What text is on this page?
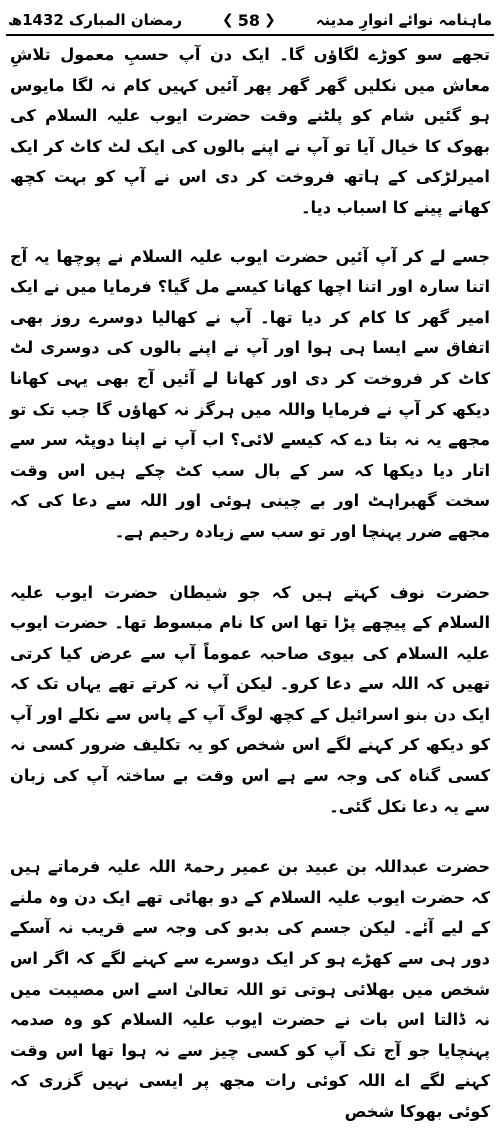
ماہنامہ نوائے انوارِ مدینہ
❮
58
❯
رمضان المبارک 1432ھ

تجھے سو کوڑے لگاؤں گا۔ ایک دن آپ حسبِ معمول تلاشِ معاش میں نکلیں گھر گھر پھر آئیں کہیں کام نہ لگا مایوس ہو گئیں شام کو پلٹنے وقت حضرت ایوب علیہ السلام کی بھوک کا خیال آیا تو آپ نے اپنے بالوں کی ایک لٹ کاٹ کر ایک امیرلڑکی کے ہاتھ فروخت کر دی اس نے آپ کو بہت کچھ کھانے پینے کا اسباب دیا۔

جسے لے کر آپ آئیں حضرت ایوب علیہ السلام نے پوچھا یہ آج اتنا سارہ اور اتنا اچھا کھانا کیسے مل گیا؟ فرمایا میں نے ایک امیر گھر کا کام کر دیا تھا۔ آپ نے کھالیا دوسرے روز بھی اتفاق سے ایسا ہی ہوا اور آپ نے اپنے بالوں کی دوسری لٹ کاٹ کر فروخت کر دی اور کھانا لے آئیں آج بھی یہی کھانا دیکھ کر آپ نے فرمایا واللہ میں ہرگز نہ کھاؤں گا جب تک تو مجھے یہ نہ بتا دے کہ کیسے لائی؟ اب آپ نے اپنا دوپٹہ سر سے اتار دیا دیکھا کہ سر کے بال سب کٹ چکے ہیں اس وقت سخت گھبراہٹ اور بے چینی ہوئی اور اللہ سے دعا کی کہ مجھے ضرر پہنچا اور تو سب سے زیادہ رحیم ہے۔

حضرت نوف کہتے ہیں کہ جو شیطان حضرت ایوب علیہ السلام کے پیچھے پڑا تھا اس کا نام مبسوط تھا۔ حضرت ایوب علیہ السلام کی بیوی صاحبہ عموماً آپ سے عرض کیا کرتی تھیں کہ اللہ سے دعا کرو۔ لیکن آپ نہ کرتے تھے یہاں تک کہ ایک دن بنو اسرائیل کے کچھ لوگ آپ کے پاس سے نکلے اور آپ کو دیکھ کر کہنے لگے اس شخص کو یہ تکلیف ضرور کسی نہ کسی گناہ کی وجہ سے ہے اس وقت بے ساختہ آپ کی زبان سے یہ دعا نکل گئی۔

حضرت عبداللہ بن عبید بن عمیر رحمۃ اللہ علیہ فرماتے ہیں کہ حضرت ایوب علیہ السلام کے دو بھائی تھے ایک دن وہ ملنے کے لیے آئے۔ لیکن جسم کی بدبو کی وجہ سے قریب نہ آسکے دور ہی سے کھڑے ہو کر ایک دوسرے سے کہنے لگے کہ اگر اس شخص میں بھلائی ہوتی تو اللہ تعالیٰ اسے اس مصیبت میں نہ ڈالتا اس بات نے حضرت ایوب علیہ السلام کو وہ صدمہ پہنچایا جو آج تک آپ کو کسی چیز سے نہ ہوا تھا اس وقت کہنے لگے اے اللہ کوئی رات مجھ پر ایسی نہیں گزری کہ کوئی بھوکا شخص
